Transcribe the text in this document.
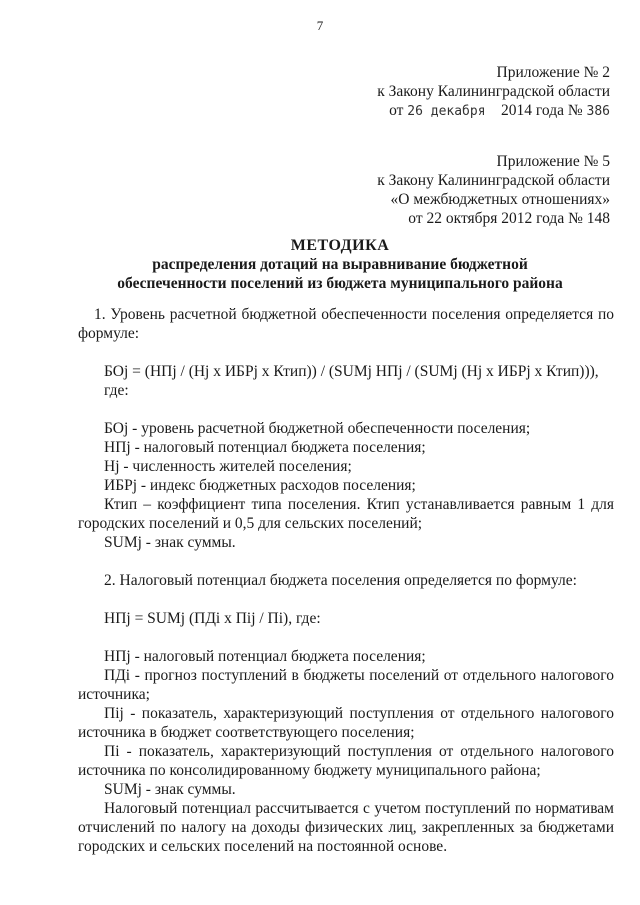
7
Приложение № 2
к Закону Калининградской области
от 26 декабря 2014 года № 386
Приложение № 5
к Закону Калининградской области
«О межбюджетных отношениях»
от 22 октября 2012 года № 148
МЕТОДИКА
распределения дотаций на выравнивание бюджетной
обеспеченности поселений из бюджета муниципального района

1. Уровень расчетной бюджетной обеспеченности поселения определяется по формуле:

БОj = (НПj / (Нj х ИБРj х Ктип)) / (SUMj НПj / (SUMj (Нj х ИБРj х Ктип))),

где:

БОj - уровень расчетной бюджетной обеспеченности поселения;

НПj - налоговый потенциал бюджета поселения;

Нj - численность жителей поселения;

ИБРj - индекс бюджетных расходов поселения;

Ктип – коэффициент типа поселения. Ктип устанавливается равным 1 для городских поселений и 0,5 для сельских поселений;

SUMj - знак суммы.

2. Налоговый потенциал бюджета поселения определяется по формуле:

НПj = SUMj (ПДi х Пij / Пi), где:

НПj - налоговый потенциал бюджета поселения;

ПДi - прогноз поступлений в бюджеты поселений от отдельного налогового источника;

Пij - показатель, характеризующий поступления от отдельного налогового источника в бюджет соответствующего поселения;

Пi - показатель, характеризующий поступления от отдельного налогового источника по консолидированному бюджету муниципального района;

SUMj - знак суммы.

Налоговый потенциал рассчитывается с учетом поступлений по нормативам отчислений по налогу на доходы физических лиц, закрепленных за бюджетами городских и сельских поселений на постоянной основе.
